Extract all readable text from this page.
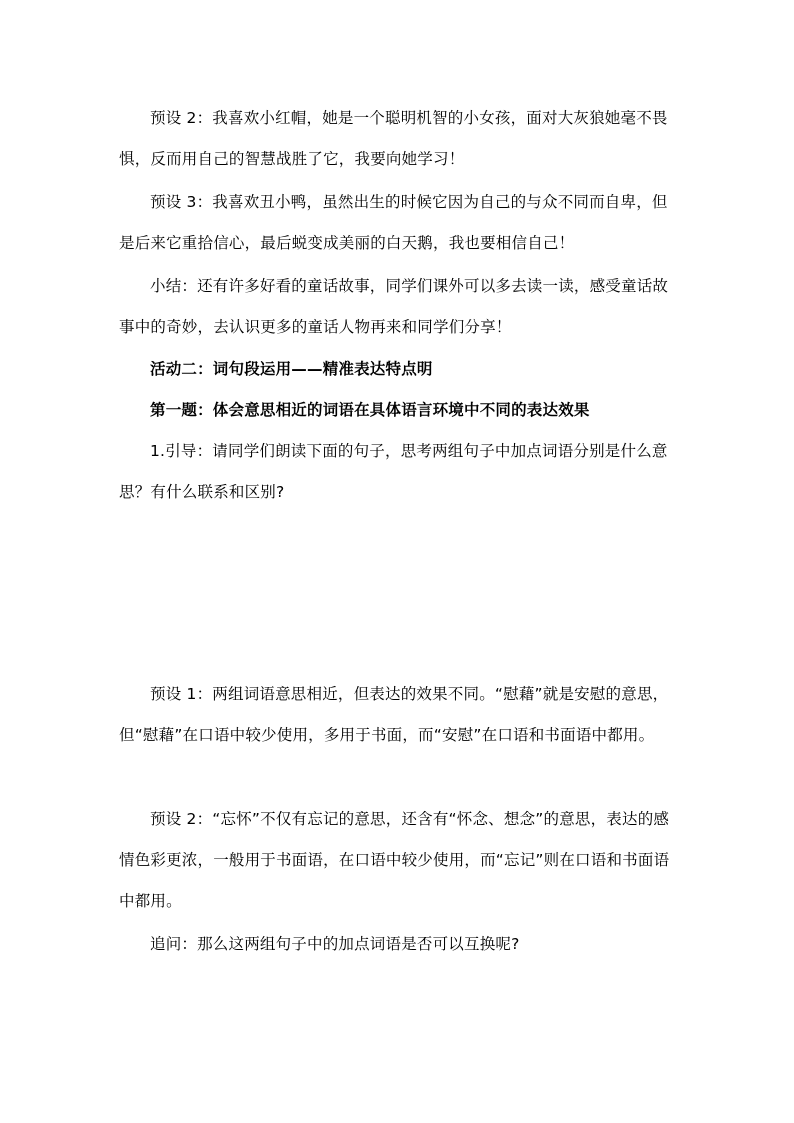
预设 2：我喜欢小红帽，她是一个聪明机智的小女孩，面对大灰狼她毫不畏惧，反而用自己的智慧战胜了它，我要向她学习！

预设 3：我喜欢丑小鸭，虽然出生的时候它因为自己的与众不同而自卑，但是后来它重拾信心，最后蜕变成美丽的白天鹅，我也要相信自己！

小结：还有许多好看的童话故事，同学们课外可以多去读一读，感受童话故事中的奇妙，去认识更多的童话人物再来和同学们分享！

活动二：词句段运用——精准表达特点明

第一题：体会意思相近的词语在具体语言环境中不同的表达效果

1.引导：请同学们朗读下面的句子，思考两组句子中加点词语分别是什么意思？有什么联系和区别?

预设 1：两组词语意思相近，但表达的效果不同。“慰藉”就是安慰的意思，但“慰藉”在口语中较少使用，多用于书面，而“安慰”在口语和书面语中都用。

预设 2：“忘怀”不仅有忘记的意思，还含有“怀念、想念”的意思，表达的感情色彩更浓，一般用于书面语，在口语中较少使用，而“忘记”则在口语和书面语中都用。

追问：那么这两组句子中的加点词语是否可以互换呢?
